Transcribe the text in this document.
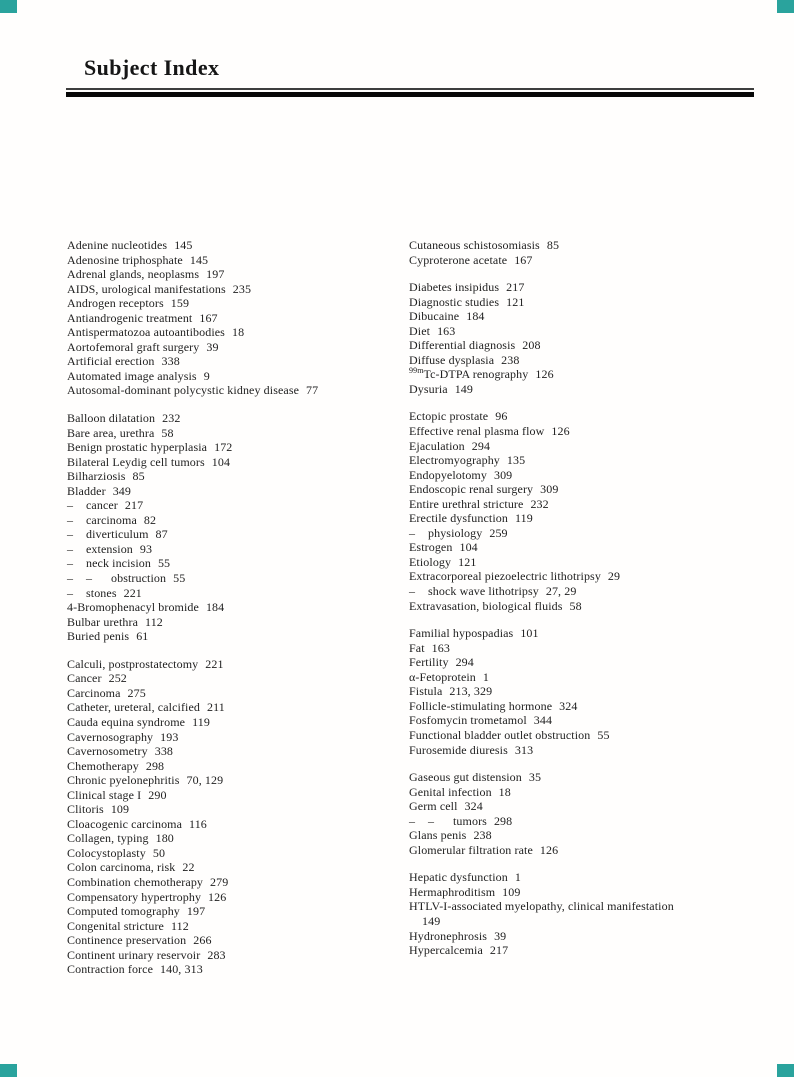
Subject Index
Adenine nucleotides 145
Adenosine triphosphate 145
Adrenal glands, neoplasms 197
AIDS, urological manifestations 235
Androgen receptors 159
Antiandrogenic treatment 167
Antispermatozoa autoantibodies 18
Aortofemoral graft surgery 39
Artificial erection 338
Automated image analysis 9
Autosomal-dominant polycystic kidney disease 77
Balloon dilatation 232
Bare area, urethra 58
Benign prostatic hyperplasia 172
Bilateral Leydig cell tumors 104
Bilharziosis 85
Bladder 349
– cancer 217
– carcinoma 82
– diverticulum 87
– extension 93
– neck incision 55
– – obstruction 55
– stones 221
4-Bromophenacyl bromide 184
Bulbar urethra 112
Buried penis 61
Calculi, postprostatectomy 221
Cancer 252
Carcinoma 275
Catheter, ureteral, calcified 211
Cauda equina syndrome 119
Cavernosography 193
Cavernosometry 338
Chemotherapy 298
Chronic pyelonephritis 70, 129
Clinical stage I 290
Clitoris 109
Cloacogenic carcinoma 116
Collagen, typing 180
Colocystoplasty 50
Colon carcinoma, risk 22
Combination chemotherapy 279
Compensatory hypertrophy 126
Computed tomography 197
Congenital stricture 112
Continence preservation 266
Continent urinary reservoir 283
Contraction force 140, 313
Cutaneous schistosomiasis 85
Cyproterone acetate 167
Diabetes insipidus 217
Diagnostic studies 121
Dibucaine 184
Diet 163
Differential diagnosis 208
Diffuse dysplasia 238
$^{99m}$Tc-DTPA renography 126
Dysuria 149
Ectopic prostate 96
Effective renal plasma flow 126
Ejaculation 294
Electromyography 135
Endopyelotomy 309
Endoscopic renal surgery 309
Entire urethral stricture 232
Erectile dysfunction 119
– physiology 259
Estrogen 104
Etiology 121
Extracorporeal piezoelectric lithotripsy 29
– shock wave lithotripsy 27, 29
Extravasation, biological fluids 58
Familial hypospadias 101
Fat 163
Fertility 294
α-Fetoprotein 1
Fistula 213, 329
Follicle-stimulating hormone 324
Fosfomycin trometamol 344
Functional bladder outlet obstruction 55
Furosemide diuresis 313
Gaseous gut distension 35
Genital infection 18
Germ cell 324
– – tumors 298
Glans penis 238
Glomerular filtration rate 126
Hepatic dysfunction 1
Hermaphroditism 109
HTLV-I-associated myelopathy, clinical manifestation
149
Hydronephrosis 39
Hypercalcemia 217
